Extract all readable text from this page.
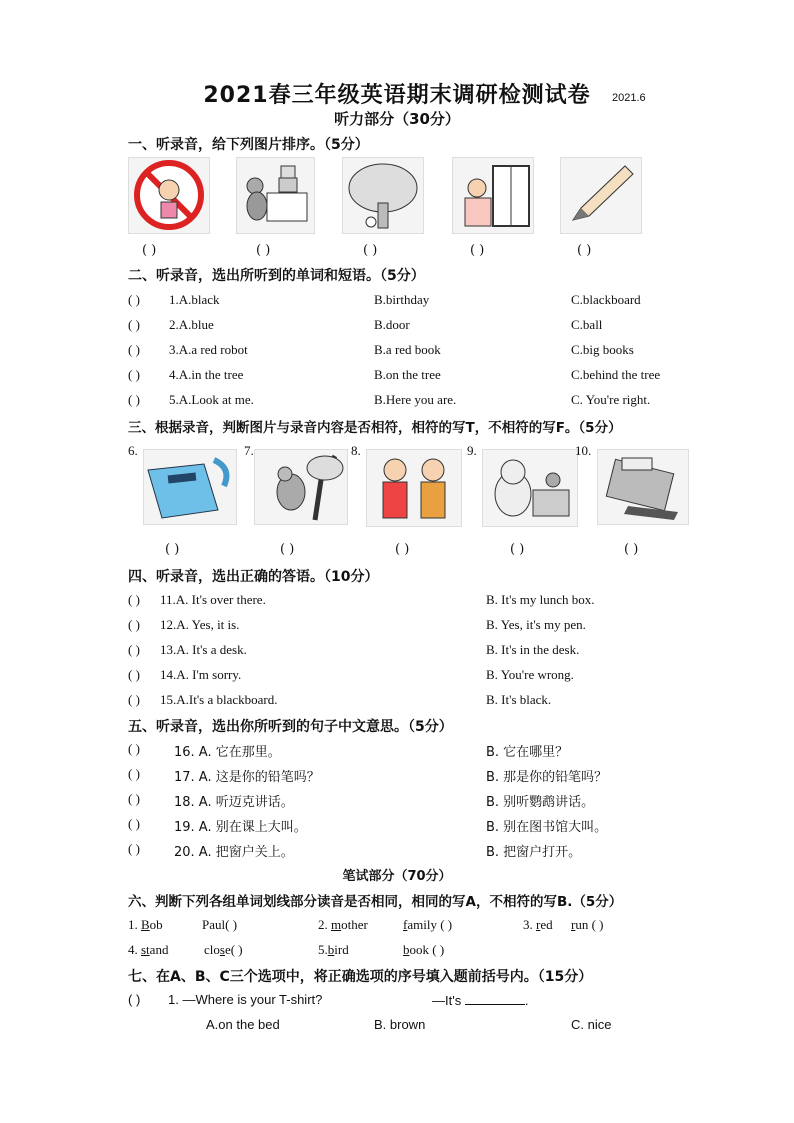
2021春三年级英语期末调研检测试卷	2021.6
听力部分（30分）
一、听录音，给下列图片排序。（5分）
( )	( )	( )	( )	( )
二、听录音，选出所听到的单词和短语。（5分）
( ) 1.A.black	B.birthday	C.blackboard
( ) 2.A.blue	B.door	C.ball
( ) 3.A.a red robot	B.a red book	C.big books
( ) 4.A.in the tree	B.on the tree	C.behind the tree
( ) 5.A.Look at me.	B.Here you are.	C. You're right.
三、根据录音，判断图片与录音内容是否相符，相符的写T，不相符的写F。（5分）
6.	7.	8.	9.	10.
( )	( )	( )	( )	( )
四、听录音，选出正确的答语。（10分）
( ) 11.A. It's over there.	B. It's my lunch box.
( ) 12.A. Yes, it is.	B. Yes, it's my pen.
( ) 13.A. It's a desk.	B. It's in the desk.
( ) 14.A. I'm sorry.	B. You're wrong.
( ) 15.A.It's a blackboard.	B. It's black.
五、听录音，选出你所听到的句子中文意思。（5分）
( )	16. A. 它在那里。	B. 它在哪里？
( )	17. A. 这是你的铅笔吗？	B. 那是你的铅笔吗？
( )	18. A. 听迈克讲话。	B. 别听鹦鹉讲话。
( )	19. A. 别在课上大叫。	B. 别在图书馆大叫。
( )	20. A. 把窗户关上。	B. 把窗户打开。
笔试部分（70分）
六、判断下列各组单词划线部分读音是否相同，相同的写A，不相符的写B.（5分）
1. Bob	Paul( )	2. mother	family ( )	3. red run ( )
4. stand	close( )	5.bird	book ( )
七、在A、B、C三个选项中，将正确选项的序号填入题前括号内。（15分）
( ) 1. —Where is your T-shirt?	—It's	.
A.on the bed	B. brown	C. nice
